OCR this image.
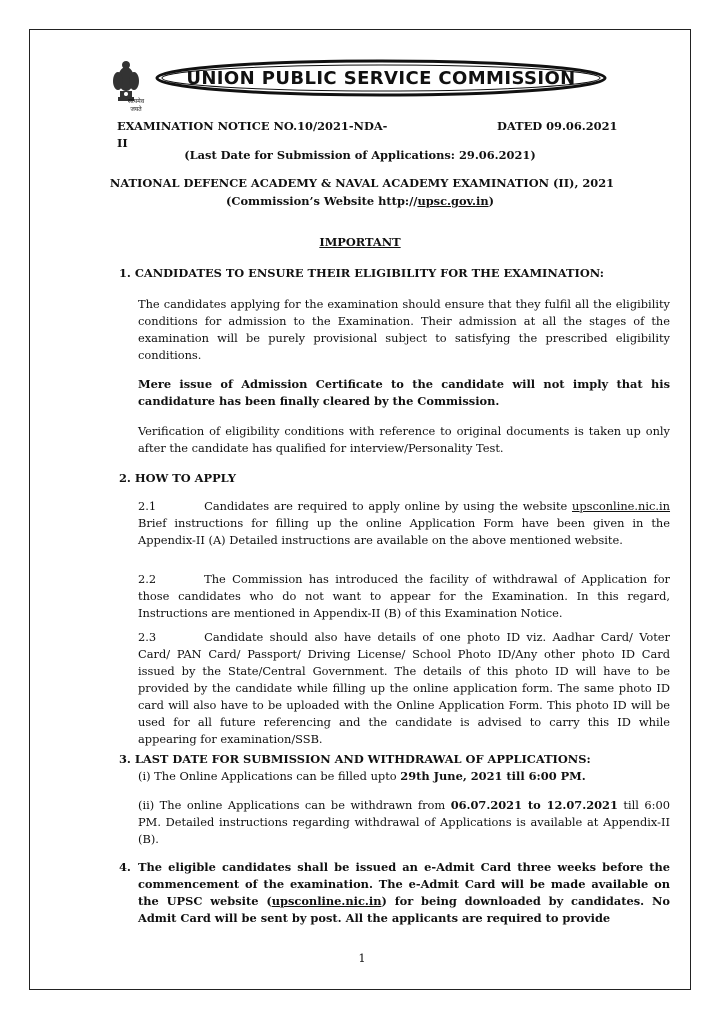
सत्यमेव जयते
UNION PUBLIC SERVICE COMMISSION
EXAMINATION NOTICE NO.10/2021-NDA-II
DATED 09.06.2021
(Last Date for Submission of Applications: 29.06.2021)
NATIONAL DEFENCE ACADEMY & NAVAL ACADEMY EXAMINATION (II), 2021
(Commission’s Website http://upsc.gov.in)
IMPORTANT
1. CANDIDATES TO ENSURE THEIR ELIGIBILITY FOR THE EXAMINATION:
The candidates applying for the examination should ensure that they fulfil all the eligibility conditions for admission to the Examination. Their admission at all the stages of the examination will be purely provisional subject to satisfying the prescribed eligibility conditions.
Mere issue of Admission Certificate to the candidate will not imply that his candidature has been finally cleared by the Commission.
Verification of eligibility conditions with reference to original documents is taken up only after the candidate has qualified for interview/Personality Test.
2. HOW TO APPLY
2.1	Candidates are required to apply online by using the website upsconline.nic.in Brief instructions for filling up the online Application Form have been given in the Appendix-II (A) Detailed instructions are available on the above mentioned website.
2.2	The Commission has introduced the facility of withdrawal of Application for those candidates who do not want to appear for the Examination. In this regard, Instructions are mentioned in Appendix-II (B) of this Examination Notice.
2.3	Candidate should also have details of one photo ID viz. Aadhar Card/ Voter Card/ PAN Card/ Passport/ Driving License/ School Photo ID/Any other photo ID Card issued by the State/Central Government. The details of this photo ID will have to be provided by the candidate while filling up the online application form. The same photo ID card will also have to be uploaded with the Online Application Form. This photo ID will be used for all future referencing and the candidate is advised to carry this ID while appearing for examination/SSB.
3. LAST DATE FOR SUBMISSION AND WITHDRAWAL OF APPLICATIONS:
(i) The Online Applications can be filled upto 29th June, 2021 till 6:00 PM.
(ii) The online Applications can be withdrawn from 06.07.2021 to 12.07.2021 till 6:00 PM. Detailed instructions regarding withdrawal of Applications is available at Appendix-II (B).
4. The eligible candidates shall be issued an e-Admit Card three weeks before the commencement of the examination. The e-Admit Card will be made available on the UPSC website (upsconline.nic.in) for being downloaded by candidates. No Admit Card will be sent by post. All the applicants are required to provide
1
